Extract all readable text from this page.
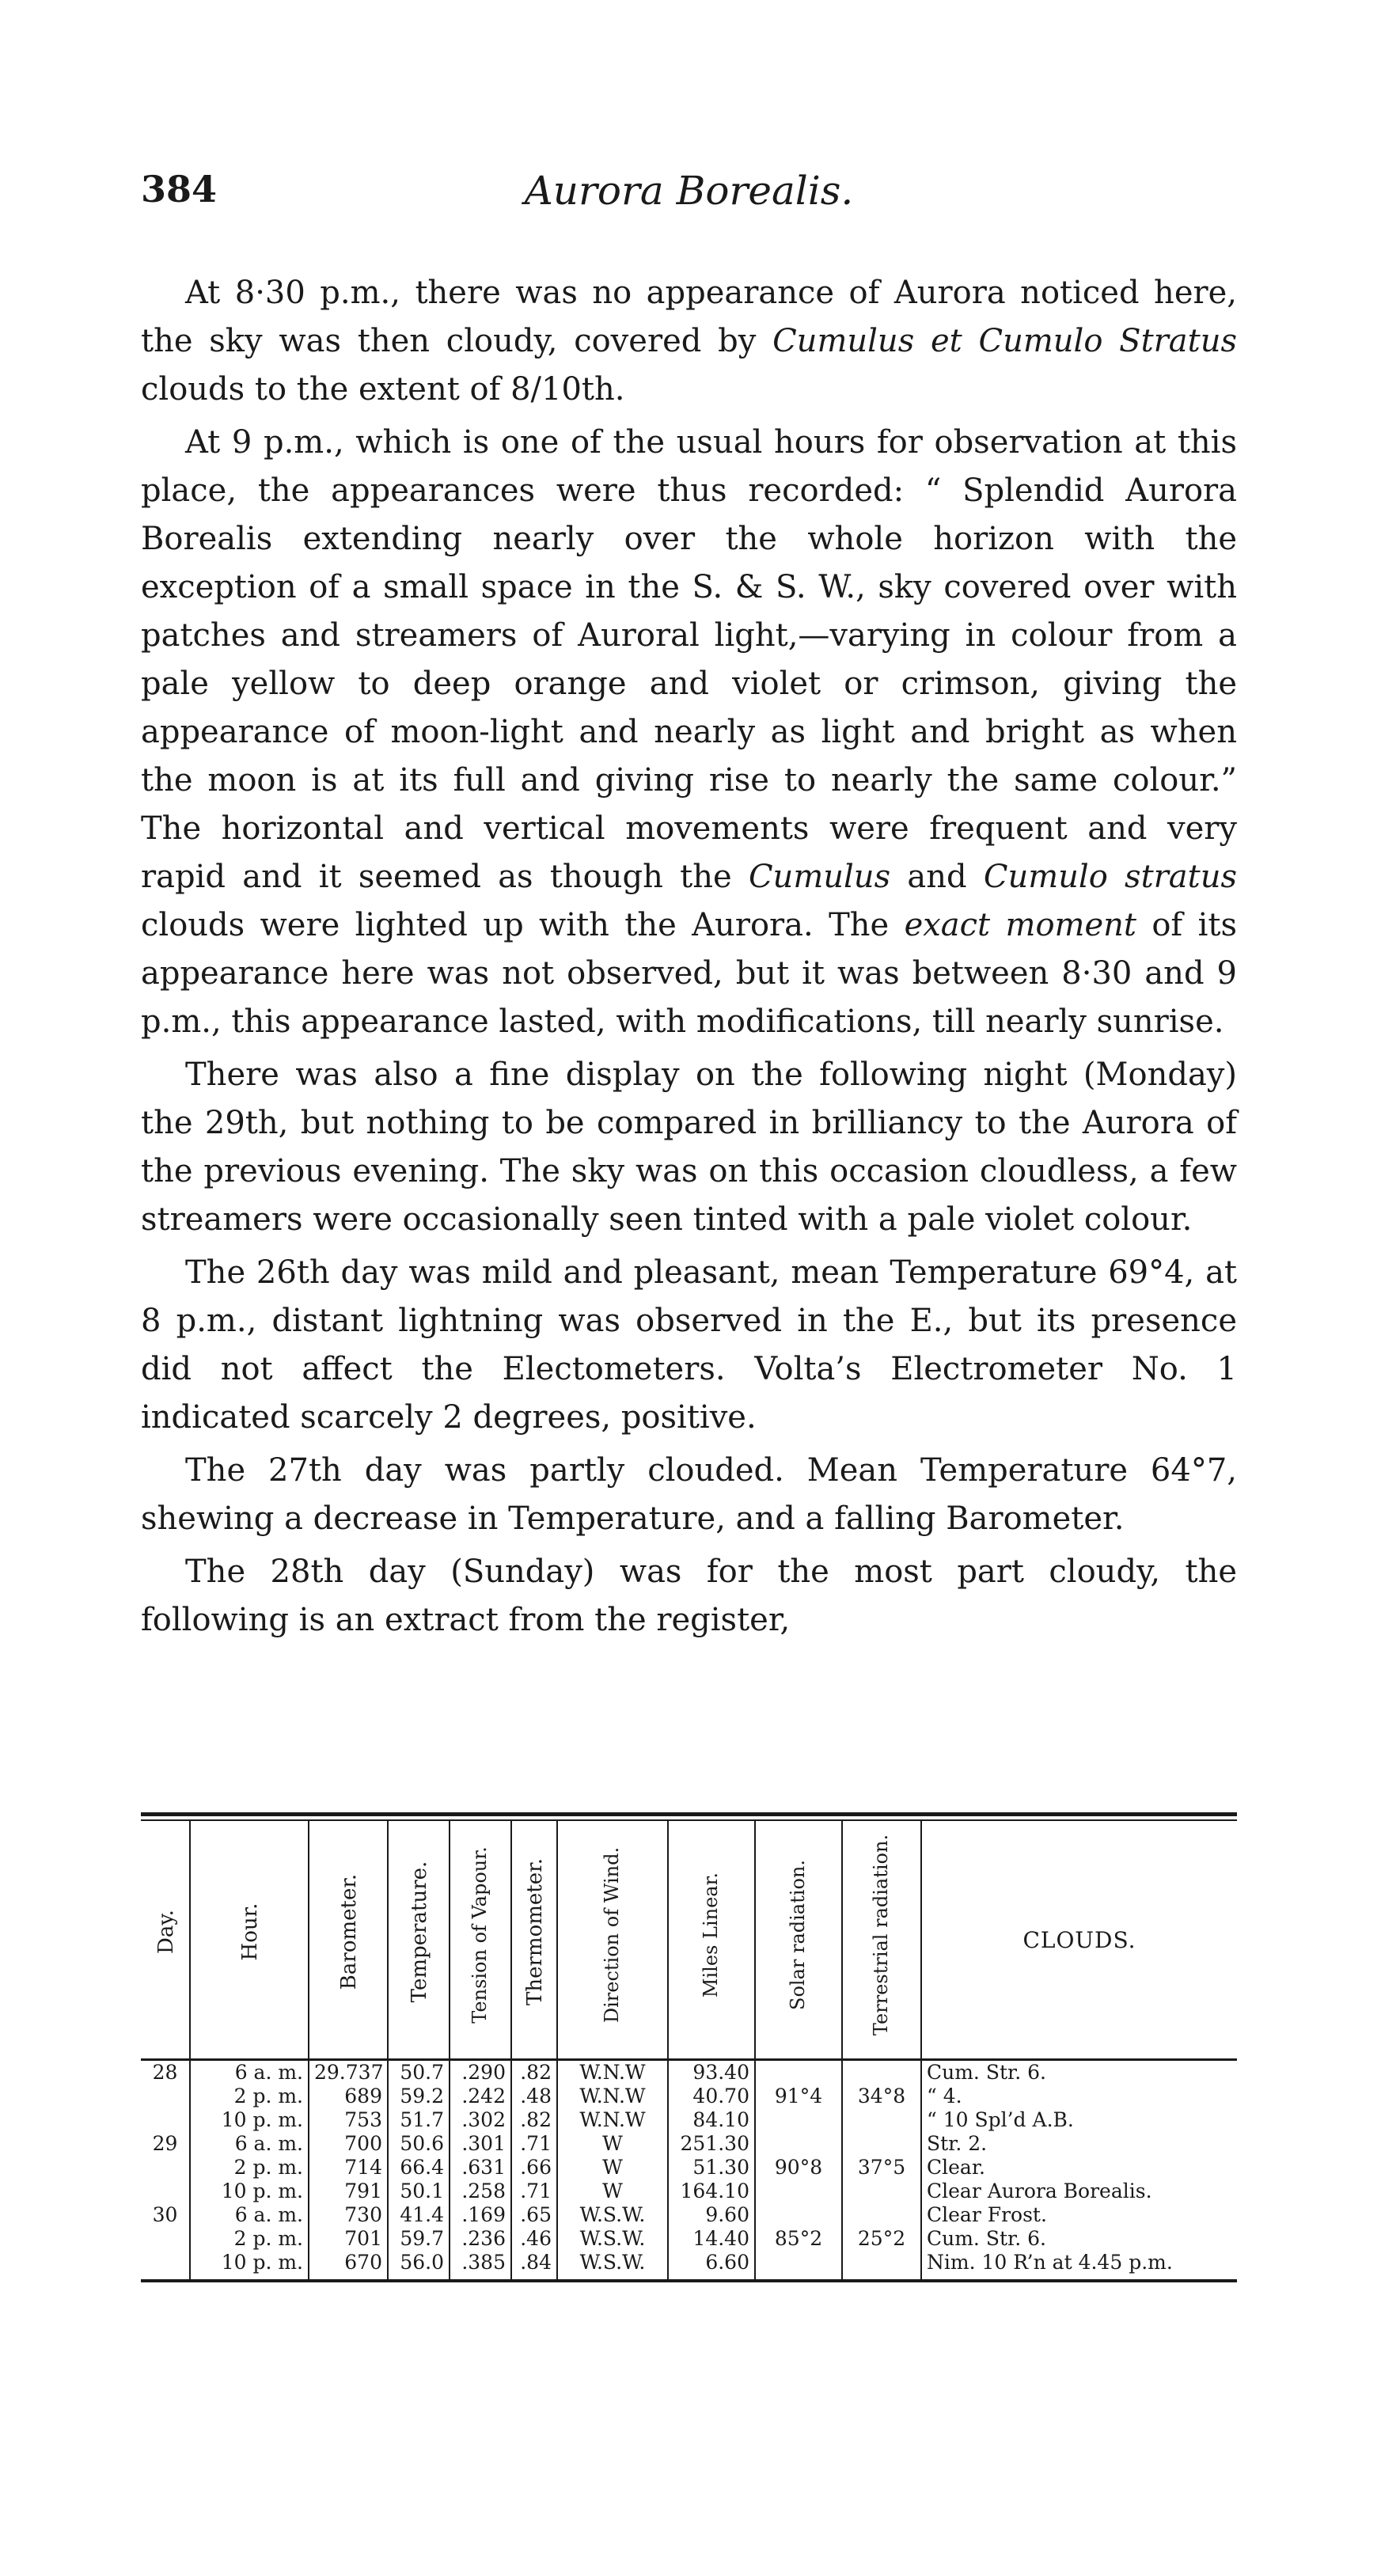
384	Aurora Borealis.

At 8·30 p.m., there was no appearance of Aurora noticed here, the sky was then cloudy, covered by Cumulus et Cumulo Stratus clouds to the extent of 8/10th.

At 9 p.m., which is one of the usual hours for observation at this place, the appearances were thus recorded: “ Splendid Aurora Borealis extending nearly over the whole horizon with the exception of a small space in the S. & S. W., sky covered over with patches and streamers of Auroral light,—varying in colour from a pale yellow to deep orange and violet or crimson, giving the appearance of moon-light and nearly as light and bright as when the moon is at its full and giving rise to nearly the same colour.” The horizontal and vertical movements were frequent and very rapid and it seemed as though the Cumulus and Cumulo stratus clouds were lighted up with the Aurora. The exact moment of its appearance here was not observed, but it was between 8·30 and 9 p.m., this appearance lasted, with modifications, till nearly sunrise.

There was also a fine display on the following night (Monday) the 29th, but nothing to be compared in brilliancy to the Aurora of the previous evening. The sky was on this occasion cloudless, a few streamers were occasionally seen tinted with a pale violet colour.

The 26th day was mild and pleasant, mean Temperature 69°4, at 8 p.m., distant lightning was observed in the E., but its presence did not affect the Electometers. Volta’s Electrometer No. 1 indicated scarcely 2 degrees, positive.

The 27th day was partly clouded. Mean Temperature 64°7, shewing a decrease in Temperature, and a falling Barometer.

The 28th day (Sunday) was for the most part cloudy, the following is an extract from the register,

Day.	Hour.	Barometer.	Temperature.	Tension of Vapour.	Thermometer.	Direction of Wind.	Miles Linear.	Solar radiation.	Terrestrial radiation.	CLOUDS.
28	6 a. m.	29.737	50.7	.290	.82	W.N.W	93.40			Cum. Str. 6.
	2 p. m.	689	59.2	.242	.48	W.N.W	40.70	91°4	34°8	“ 4.
	10 p. m.	753	51.7	.302	.82	W.N.W	84.10			“ 10 Spl’d A.B.
29	6 a. m.	700	50.6	.301	.71	W	251.30			Str. 2.
	2 p. m.	714	66.4	.631	.66	W	51.30	90°8	37°5	Clear.
	10 p. m.	791	50.1	.258	.71	W	164.10			Clear Aurora Borealis.
30	6 a. m.	730	41.4	.169	.65	W.S.W.	9.60			Clear Frost.
	2 p. m.	701	59.7	.236	.46	W.S.W.	14.40	85°2	25°2	Cum. Str. 6.
	10 p. m.	670	56.0	.385	.84	W.S.W.	6.60			Nim. 10 R’n at 4.45 p.m.
